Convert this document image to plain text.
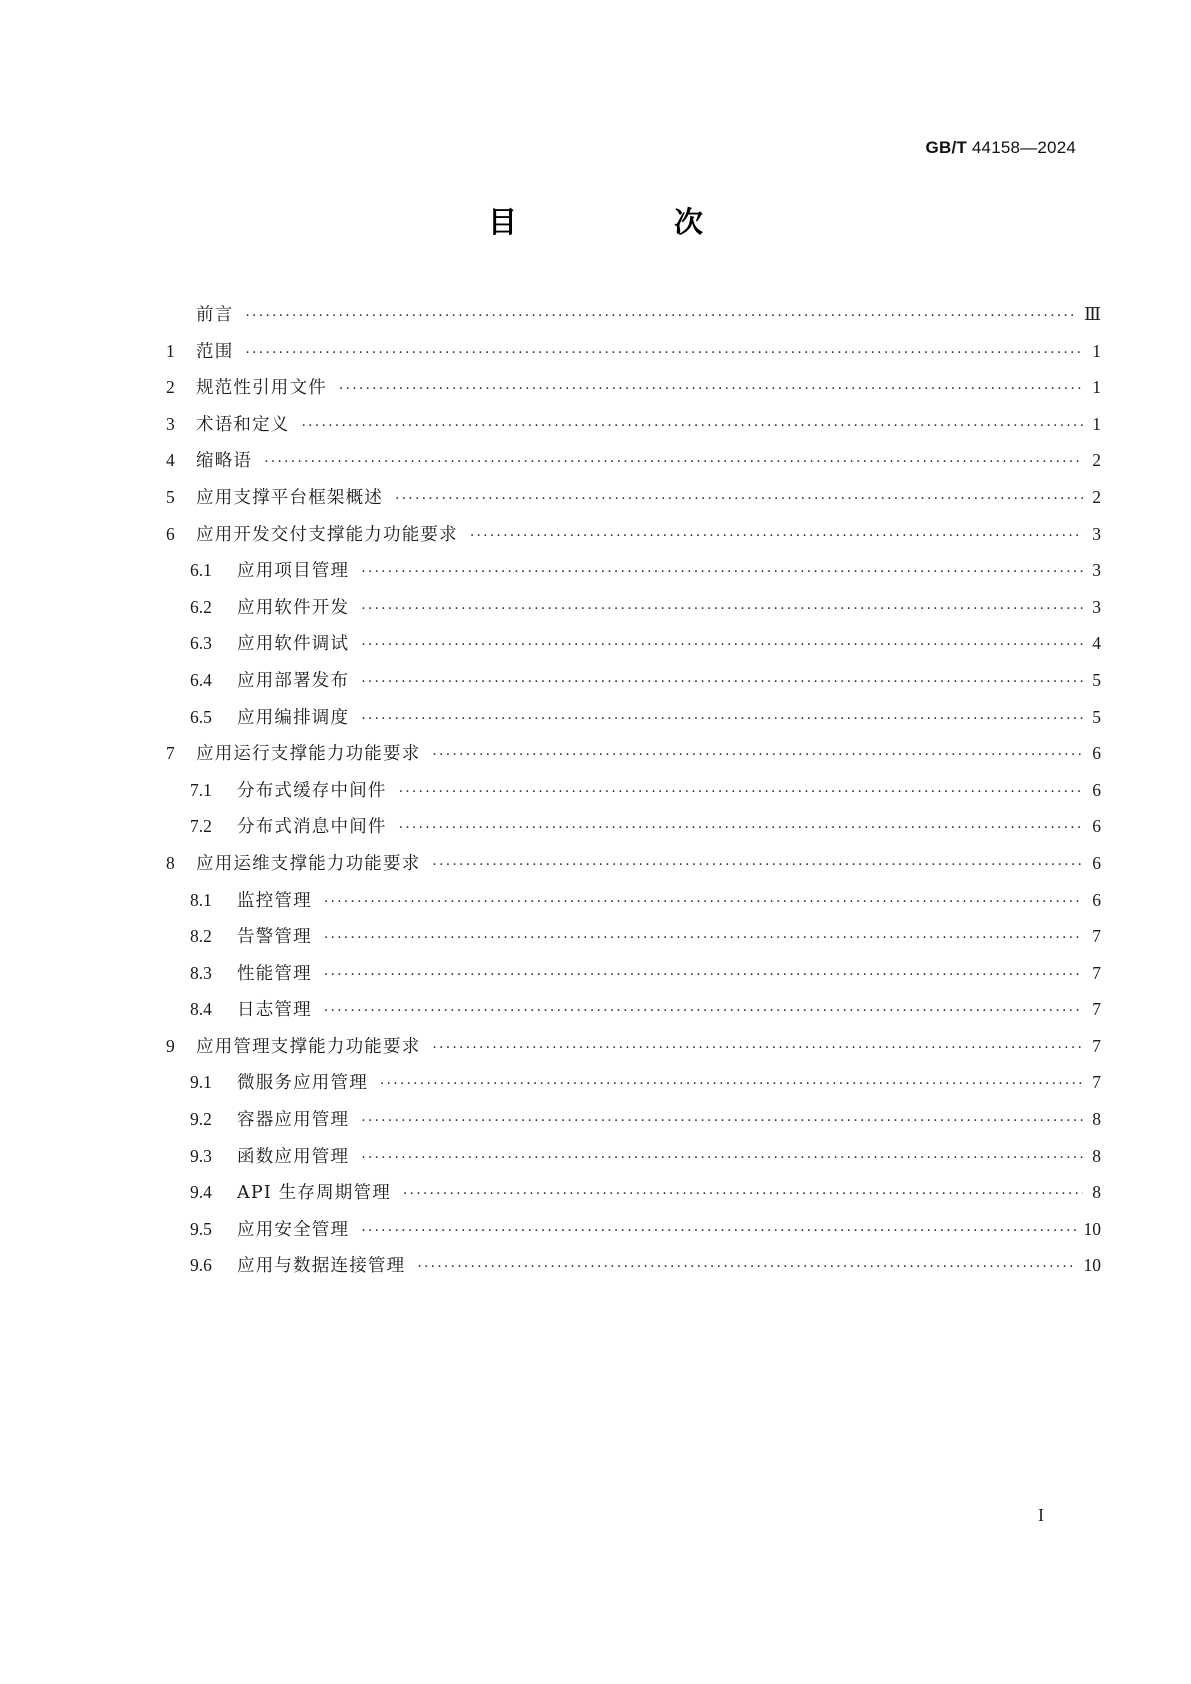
GB/T 44158—2024
目　次
前言 ·····	Ⅲ
1	范围 ·····	1
2	规范性引用文件 ·····	1
3	术语和定义 ·····	1
4	缩略语 ·····	2
5	应用支撑平台框架概述 ·····	2
6	应用开发交付支撑能力功能要求 ·····	3
6.1	应用项目管理 ·····	3
6.2	应用软件开发 ·····	3
6.3	应用软件调试 ·····	4
6.4	应用部署发布 ·····	5
6.5	应用编排调度 ·····	5
7	应用运行支撑能力功能要求 ·····	6
7.1	分布式缓存中间件 ·····	6
7.2	分布式消息中间件 ·····	6
8	应用运维支撑能力功能要求 ·····	6
8.1	监控管理 ·····	6
8.2	告警管理 ·····	7
8.3	性能管理 ·····	7
8.4	日志管理 ·····	7
9	应用管理支撑能力功能要求 ·····	7
9.1	微服务应用管理 ·····	7
9.2	容器应用管理 ·····	8
9.3	函数应用管理 ·····	8
9.4	API 生存周期管理 ·····	8
9.5	应用安全管理 ·····	10
9.6	应用与数据连接管理 ·····	10
I
